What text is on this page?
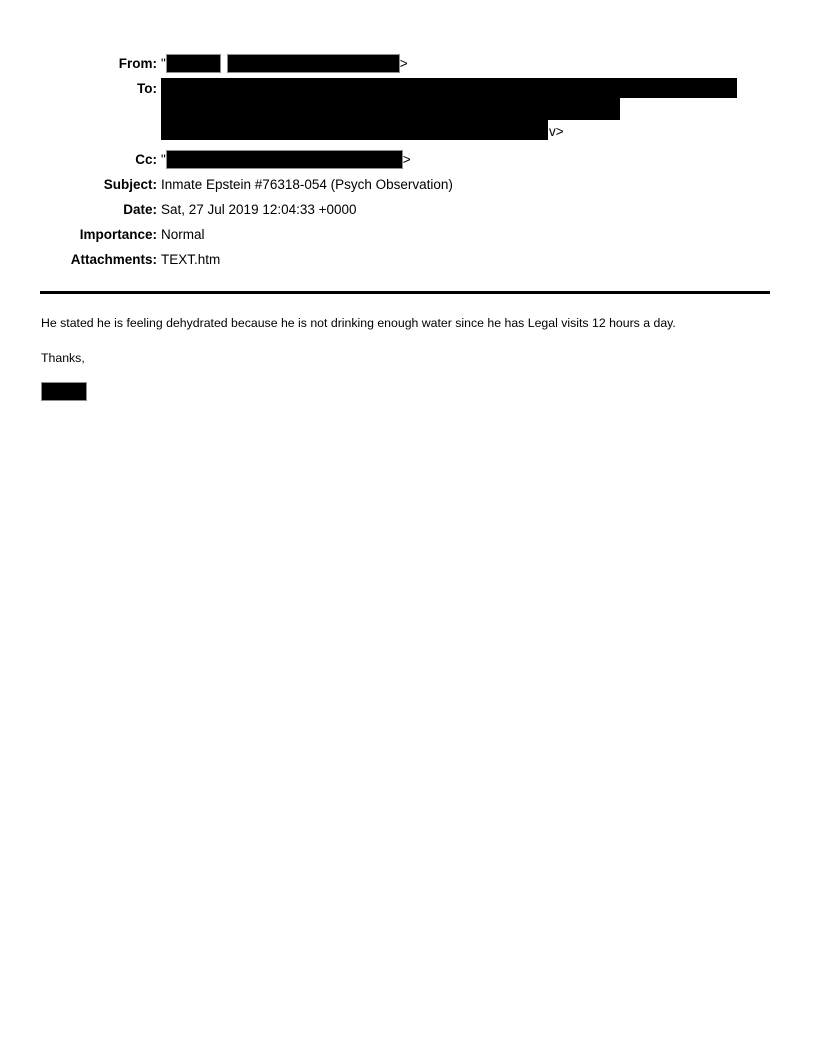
From: "	>
To:
v>
Cc: "	>
Subject: Inmate Epstein #76318-054 (Psych Observation)
Date: Sat, 27 Jul 2019 12:04:33 +0000
Importance: Normal
Attachments: TEXT.htm
He stated he is feeling dehydrated because he is not drinking enough water since he has Legal visits 12 hours a day.
Thanks,
